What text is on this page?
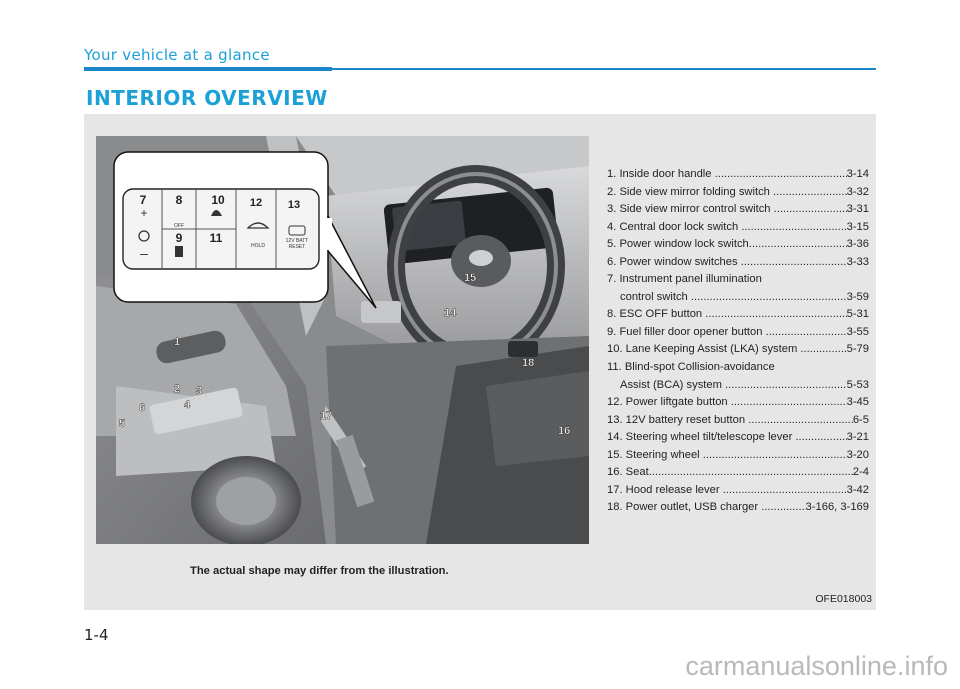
Your vehicle at a glance
INTERIOR OVERVIEW
+
–
OFF
HOLD
12V BATT
RESET
7 8
9
10
11
12 13
1
2 3
4
5
6
14
15
16
17
18
1. Inside door handle .....	3-14
2. Side view mirror folding switch .....	3-32
3. Side view mirror control switch .....	3-31
4. Central door lock switch .....	3-15
5. Power window lock switch .....	3-36
6. Power window switches .....	3-33
7. Instrument panel illumination
control switch .....	3-59
8. ESC OFF button .....	5-31
9. Fuel filler door opener button .....	3-55
10. Lane Keeping Assist (LKA) system .....	5-79
11. Blind-spot Collision-avoidance
Assist (BCA) system .....	5-53
12. Power liftgate button .....	3-45
13. 12V battery reset button .....	6-5
14. Steering wheel tilt/telescope lever .....	3-21
15. Steering wheel .....	3-20
16. Seat .....	2-4
17. Hood release lever .....	3-42
18. Power outlet, USB charger .....	3-166, 3-169
The actual shape may differ from the illustration.
OFE018003
1-4
carmanualsonline.info
